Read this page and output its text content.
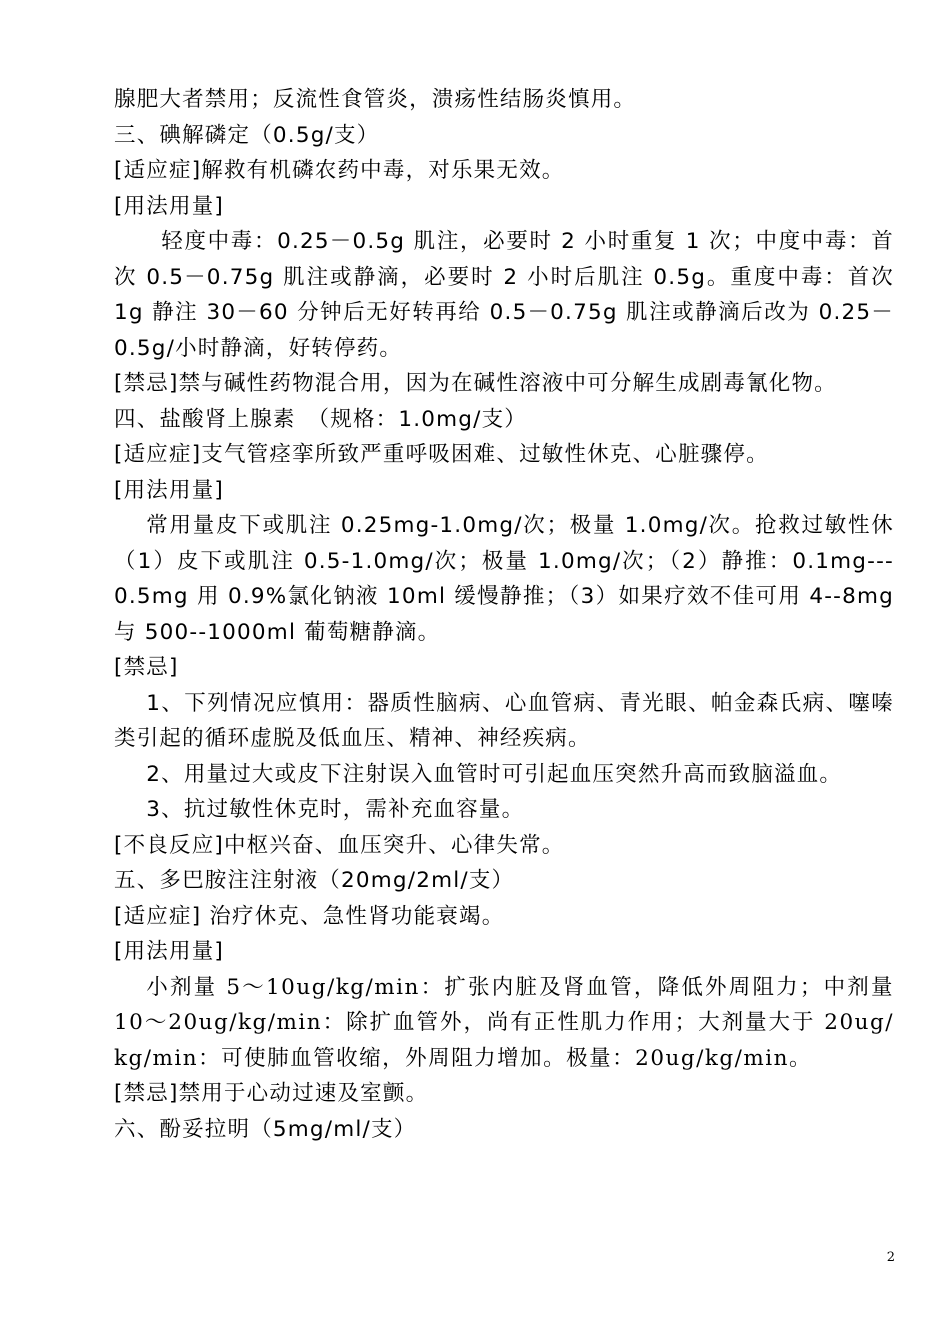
腺肥大者禁用；反流性食管炎，溃疡性结肠炎慎用。
三、碘解磷定（0.5g/支）
[适应症]解救有机磷农药中毒，对乐果无效。
[用法用量]
轻度中毒：0.25－0.5g 肌注，必要时 2 小时重复 1 次；中度中毒：首次 0.5－0.75g 肌注或静滴，必要时 2 小时后肌注 0.5g。重度中毒：首次 1g 静注 30－60 分钟后无好转再给 0.5－0.75g 肌注或静滴后改为 0.25－0.5g/小时静滴，好转停药。
[禁忌]禁与碱性药物混合用，因为在碱性溶液中可分解生成剧毒氰化物。
四、盐酸肾上腺素　（规格：1.0mg/支）
[适应症]支气管痉挛所致严重呼吸困难、过敏性休克、心脏骤停。
[用法用量]
常用量皮下或肌注 0.25mg-1.0mg/次；极量 1.0mg/次。抢救过敏性休（1）皮下或肌注 0.5-1.0mg/次；极量 1.0mg/次；（2）静推：0.1mg---0.5mg 用 0.9%氯化钠液 10ml 缓慢静推；（3）如果疗效不佳可用 4--8mg 与 500--1000ml 葡萄糖静滴。
[禁忌]
1、下列情况应慎用：器质性脑病、心血管病、青光眼、帕金森氏病、噻嗪类引起的循环虚脱及低血压、精神、神经疾病。
2、用量过大或皮下注射误入血管时可引起血压突然升高而致脑溢血。
3、抗过敏性休克时，需补充血容量。
[不良反应]中枢兴奋、血压突升、心律失常。
五、多巴胺注注射液（20mg/2ml/支）
[适应症] 治疗休克、急性肾功能衰竭。
[用法用量]
小剂量 5～10ug/kg/min：扩张内脏及肾血管，降低外周阻力；中剂量 10～20ug/kg/min：除扩血管外，尚有正性肌力作用；大剂量大于 20ug/kg/min：可使肺血管收缩，外周阻力增加。极量：20ug/kg/min。
[禁忌]禁用于心动过速及室颤。
六、酚妥拉明（5mg/ml/支）
2
